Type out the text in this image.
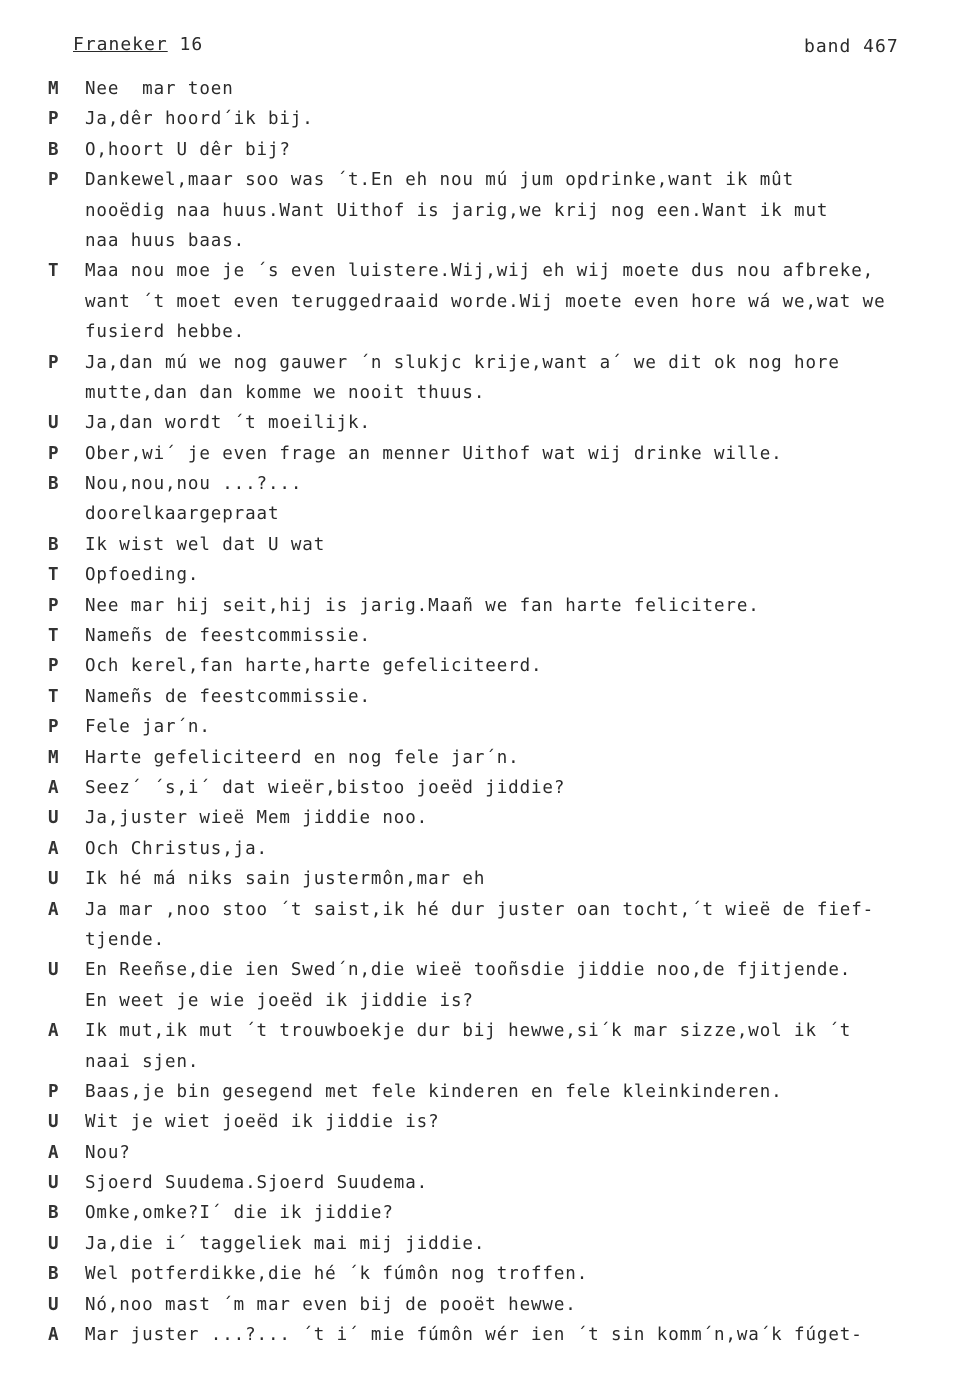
Franeker 16	band 467
M Nee  mar toen
P Ja,dêr hoord´ik bij.
B O,hoort U dêr bij?
P Dankewel,maar soo was ´t.En eh nou mú jum opdrinke,want ik mût
nooëdig naa huus.Want Uithof is jarig,we krij nog een.Want ik mut
naa huus baas.
T Maa nou moe je ´s even luistere.Wij,wij eh wij moete dus nou afbreke,
want ´t moet even teruggedraaid worde.Wij moete even hore wá we,wat we
fusierd hebbe.
P Ja,dan mú we nog gauwer ´n slukjc krije,want a´ we dit ok nog hore
mutte,dan dan komme we nooit thuus.
U Ja,dan wordt ´t moeilijk.
P Ober,wi´ je even frage an menner Uithof wat wij drinke wille.
B Nou,nou,nou ...?...
doorelkaargepraat
B Ik wist wel dat U wat
T Opfoeding.
P Nee mar hij seit,hij is jarig.Maañ we fan harte felicitere.
T Nameñs de feestcommissie.
P Och kerel,fan harte,harte gefeliciteerd.
T Nameñs de feestcommissie.
P Fele jar´n.
M Harte gefeliciteerd en nog fele jar´n.
A Seez´ ´s,i´ dat wieër,bistoo joeëd jiddie?
U Ja,juster wieë Mem jiddie noo.
A Och Christus,ja.
U Ik hé má niks sain justermôn,mar eh
A Ja mar ,noo stoo ´t saist,ik hé dur juster oan tocht,´t wieë de fief-
tjende.
U En Reeñse,die ien Swed´n,die wieë tooñsdie jiddie noo,de fjitjende.
En weet je wie joeëd ik jiddie is?
A Ik mut,ik mut ´t trouwboekje dur bij hewwe,si´k mar sizze,wol ik ´t
naai sjen.
P Baas,je bin gesegend met fele kinderen en fele kleinkinderen.
U Wit je wiet joeëd ik jiddie is?
A Nou?
U Sjoerd Suudema.Sjoerd Suudema.
B Omke,omke?I´ die ik jiddie?
U Ja,die i´ taggeliek mai mij jiddie.
B Wel potferdikke,die hé ´k fúmôn nog troffen.
U Nó,noo mast ´m mar even bij de pooët hewwe.
A Mar juster ...?... ´t i´ mie fúmôn wér ien ´t sin komm´n,wa´k fúget-
